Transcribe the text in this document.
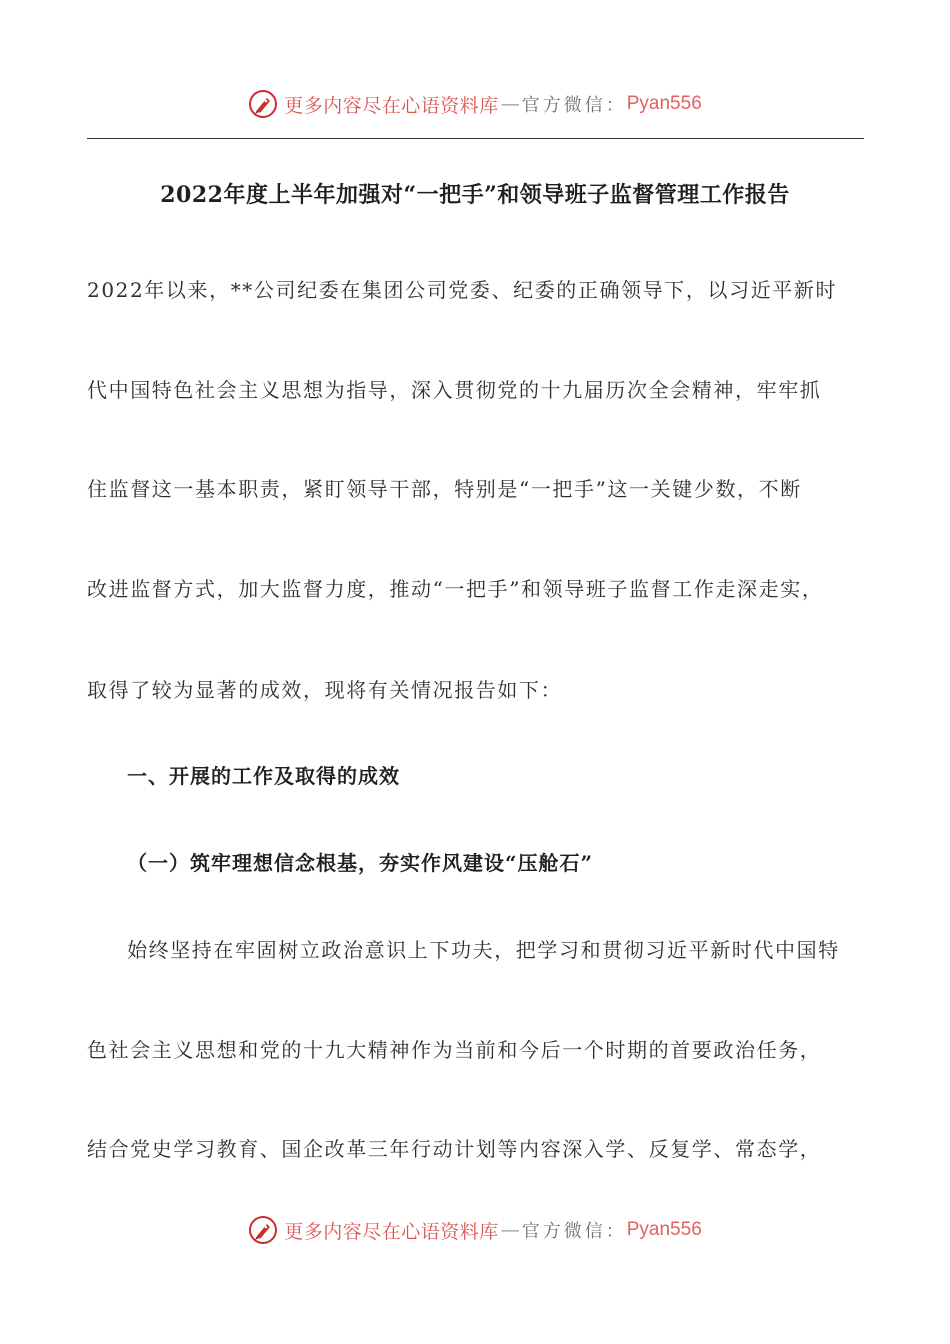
更多内容尽在心语资料库 — 官方微信： Pyan556
2022年度上半年加强对“一把手”和领导班子监督管理工作报告
2022年以来，**公司纪委在集团公司党委、纪委的正确领导下，以习近平新时
代中国特色社会主义思想为指导，深入贯彻党的十九届历次全会精神，牢牢抓
住监督这一基本职责，紧盯领导干部，特别是“一把手”这一关键少数，不断
改进监督方式，加大监督力度，推动“一把手”和领导班子监督工作走深走实，
取得了较为显著的成效，现将有关情况报告如下：
一、开展的工作及取得的成效
（一）筑牢理想信念根基，夯实作风建设“压舱石”
始终坚持在牢固树立政治意识上下功夫，把学习和贯彻习近平新时代中国特
色社会主义思想和党的十九大精神作为当前和今后一个时期的首要政治任务，
结合党史学习教育、国企改革三年行动计划等内容深入学、反复学、常态学，
更多内容尽在心语资料库 — 官方微信： Pyan556
